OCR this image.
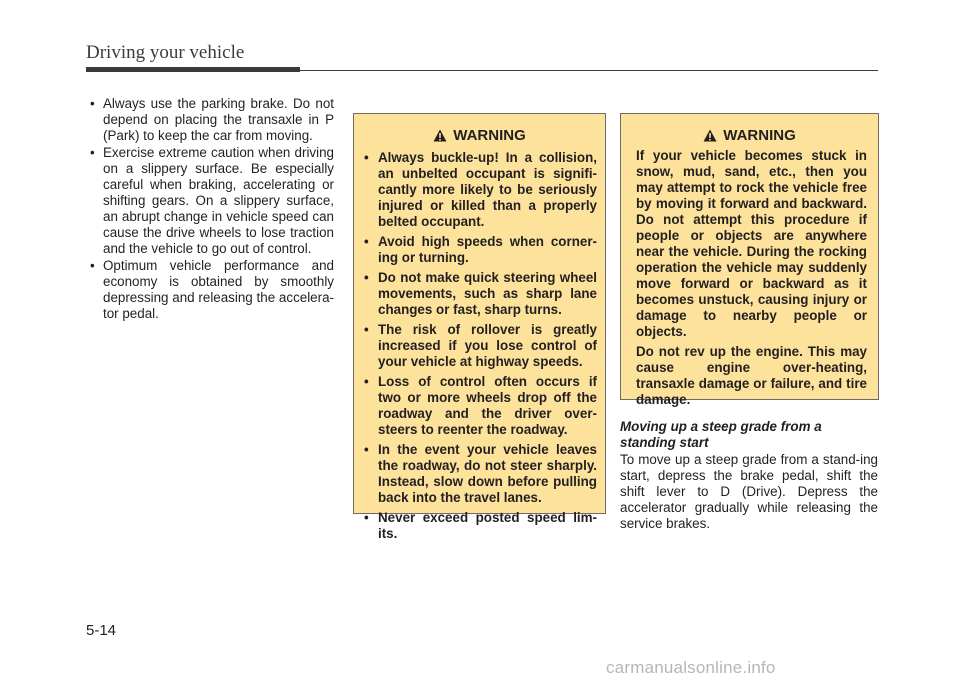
Driving your vehicle
• Always use the parking brake. Do not depend on placing the transaxle in P (Park) to keep the car from moving.
• Exercise extreme caution when driving on a slippery surface. Be especially careful when braking, accelerating or shifting gears. On a slippery surface, an abrupt change in vehicle speed can cause the drive wheels to lose traction and the vehicle to go out of control.
• Optimum vehicle performance and economy is obtained by smoothly depressing and releasing the accelera-tor pedal.
WARNING
• Always buckle-up! In a collision, an unbelted occupant is signifi-cantly more likely to be seriously injured or killed than a properly belted occupant.
• Avoid high speeds when corner-ing or turning.
• Do not make quick steering wheel movements, such as sharp lane changes or fast, sharp turns.
• The risk of rollover is greatly increased if you lose control of your vehicle at highway speeds.
• Loss of control often occurs if two or more wheels drop off the roadway and the driver over-steers to reenter the roadway.
• In the event your vehicle leaves the roadway, do not steer sharply. Instead, slow down before pulling back into the travel lanes.
• Never exceed posted speed lim-its.
WARNING

If your vehicle becomes stuck in snow, mud, sand, etc., then you may attempt to rock the vehicle free by moving it forward and backward. Do not attempt this procedure if people or objects are anywhere near the vehicle. During the rocking operation the vehicle may suddenly move forward or backward as it becomes unstuck, causing injury or damage to nearby people or objects.

Do not rev up the engine. This may cause engine over-heating, transaxle damage or failure, and tire damage.

Moving up a steep grade from a standing start

To move up a steep grade from a stand-ing start, depress the brake pedal, shift the shift lever to D (Drive). Depress the accelerator gradually while releasing the service brakes.

5-14
carmanualsonline.info
